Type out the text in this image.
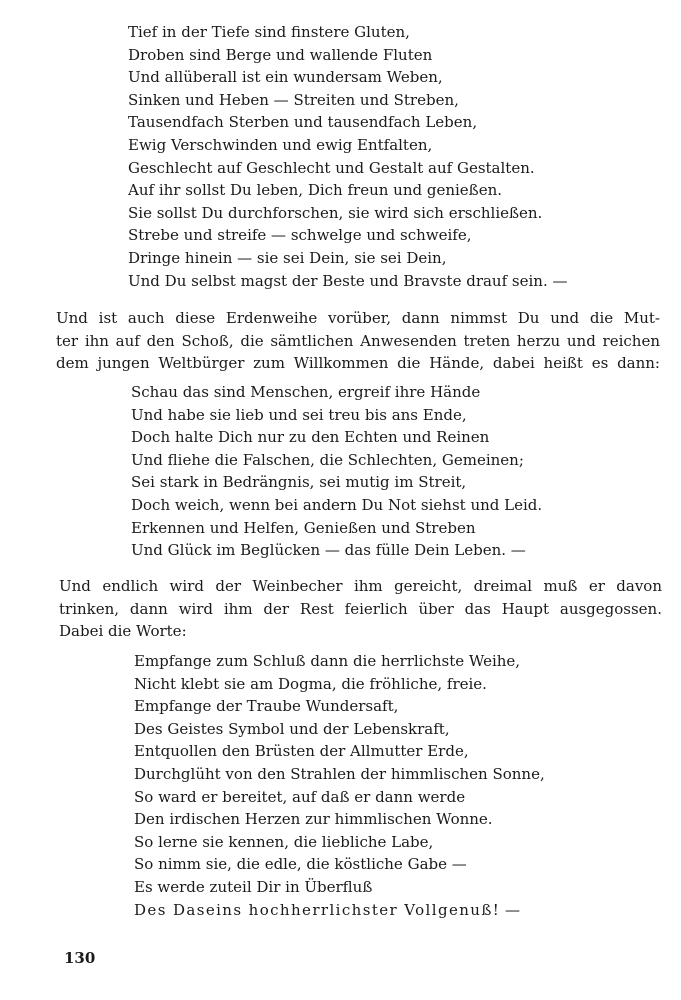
Tief in der Tiefe sind finstere Gluten,
Droben sind Berge und wallende Fluten
Und allüberall ist ein wundersam Weben,
Sinken und Heben — Streiten und Streben,
Tausendfach Sterben und tausendfach Leben,
Ewig Verschwinden und ewig Entfalten,
Geschlecht auf Geschlecht und Gestalt auf Gestalten.
Auf ihr sollst Du leben, Dich freun und genießen.
Sie sollst Du durchforschen, sie wird sich erschließen.
Strebe und streife — schwelge und schweife,
Dringe hinein — sie sei Dein, sie sei Dein,
Und Du selbst magst der Beste und Bravste drauf sein. —
Und ist auch diese Erdenweihe vorüber, dann nimmst Du und die Mut-
ter ihn auf den Schoß, die sämtlichen Anwesenden treten herzu und reichen
dem jungen Weltbürger zum Willkommen die Hände, dabei heißt es dann:
Schau das sind Menschen, ergreif ihre Hände
Und habe sie lieb und sei treu bis ans Ende,
Doch halte Dich nur zu den Echten und Reinen
Und fliehe die Falschen, die Schlechten, Gemeinen;
Sei stark in Bedrängnis, sei mutig im Streit,
Doch weich, wenn bei andern Du Not siehst und Leid.
Erkennen und Helfen, Genießen und Streben
Und Glück im Beglücken — das fülle Dein Leben. —
Und endlich wird der Weinbecher ihm gereicht, dreimal muß er davon
trinken, dann wird ihm der Rest feierlich über das Haupt ausgegossen.
Dabei die Worte:
Empfange zum Schluß dann die herrlichste Weihe,
Nicht klebt sie am Dogma, die fröhliche, freie.
Empfange der Traube Wundersaft,
Des Geistes Symbol und der Lebenskraft,
Entquollen den Brüsten der Allmutter Erde,
Durchglüht von den Strahlen der himmlischen Sonne,
So ward er bereitet, auf daß er dann werde
Den irdischen Herzen zur himmlischen Wonne.
So lerne sie kennen, die liebliche Labe,
So nimm sie, die edle, die köstliche Gabe —
Es werde zuteil Dir in Überfluß
Des Daseins hochherrlichster Vollgenuß! —
130
